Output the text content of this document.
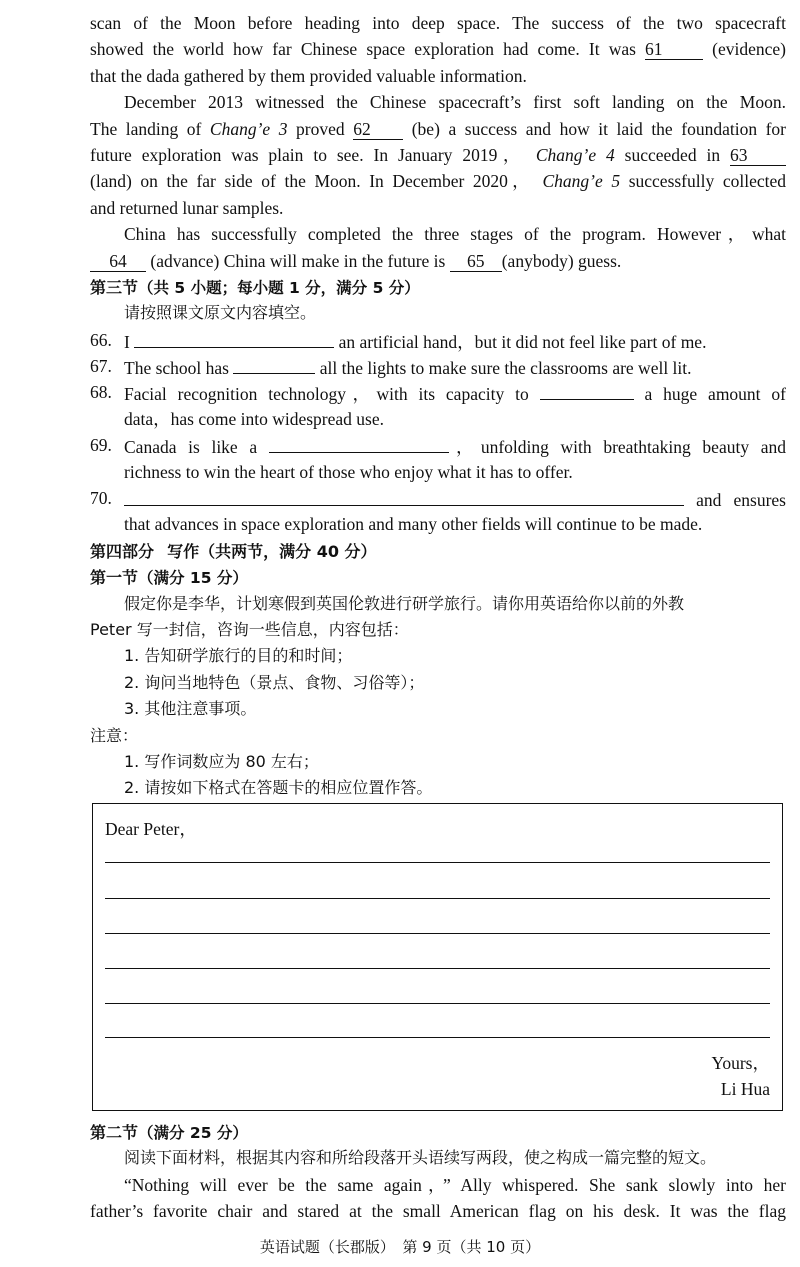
scan of the Moon before heading into deep space. The success of the two spacecraft
showed the world how far Chinese space exploration had come. It was 61	(evidence)
that the dada gathered by them provided valuable information.
December 2013 witnessed the Chinese spacecraft’s first soft landing on the Moon.
The landing of Chang’e 3 proved 62 (be) a success and how it laid the foundation for
future exploration was plain to see. In January 2019， Chang’e 4 succeeded in 63
(land) on the far side of the Moon. In December 2020， Chang’e 5 successfully collected
and returned lunar samples.
China has successfully completed the three stages of the program. However，what
64 (advance) China will make in the future is 65 (anybody) guess.
第三节（共 5 小题；每小题 1 分，满分 5 分）
请按照课文原文内容填空。
66. I	an artificial hand，but it did not feel like part of me.
67. The school has	all the lights to make sure the classrooms are well lit.
68. Facial recognition technology，with its capacity to	a huge amount of
data，has come into widespread use.
69. Canada is like a	，unfolding with breathtaking beauty and
richness to win the heart of those who enjoy what it has to offer.
70.	and ensures
that advances in space exploration and many other fields will continue to be made.
第四部分 写作（共两节，满分 40 分）
第一节（满分 15 分）
假定你是李华，计划寒假到英国伦敦进行研学旅行。请你用英语给你以前的外教
Peter 写一封信，咨询一些信息，内容包括：
1. 告知研学旅行的目的和时间；
2. 询问当地特色（景点、食物、习俗等）；
3. 其他注意事项。
注意：
1. 写作词数应为 80 左右；
2. 请按如下格式在答题卡的相应位置作答。
Dear Peter，
Yours，
Li Hua
第二节（满分 25 分）
阅读下面材料，根据其内容和所给段落开头语续写两段，使之构成一篇完整的短文。
“Nothing will ever be the same again，” Ally whispered. She sank slowly into her
father’s favorite chair and stared at the small American flag on his desk. It was the flag
英语试题（长郡版）　第 9 页（共 10 页）
